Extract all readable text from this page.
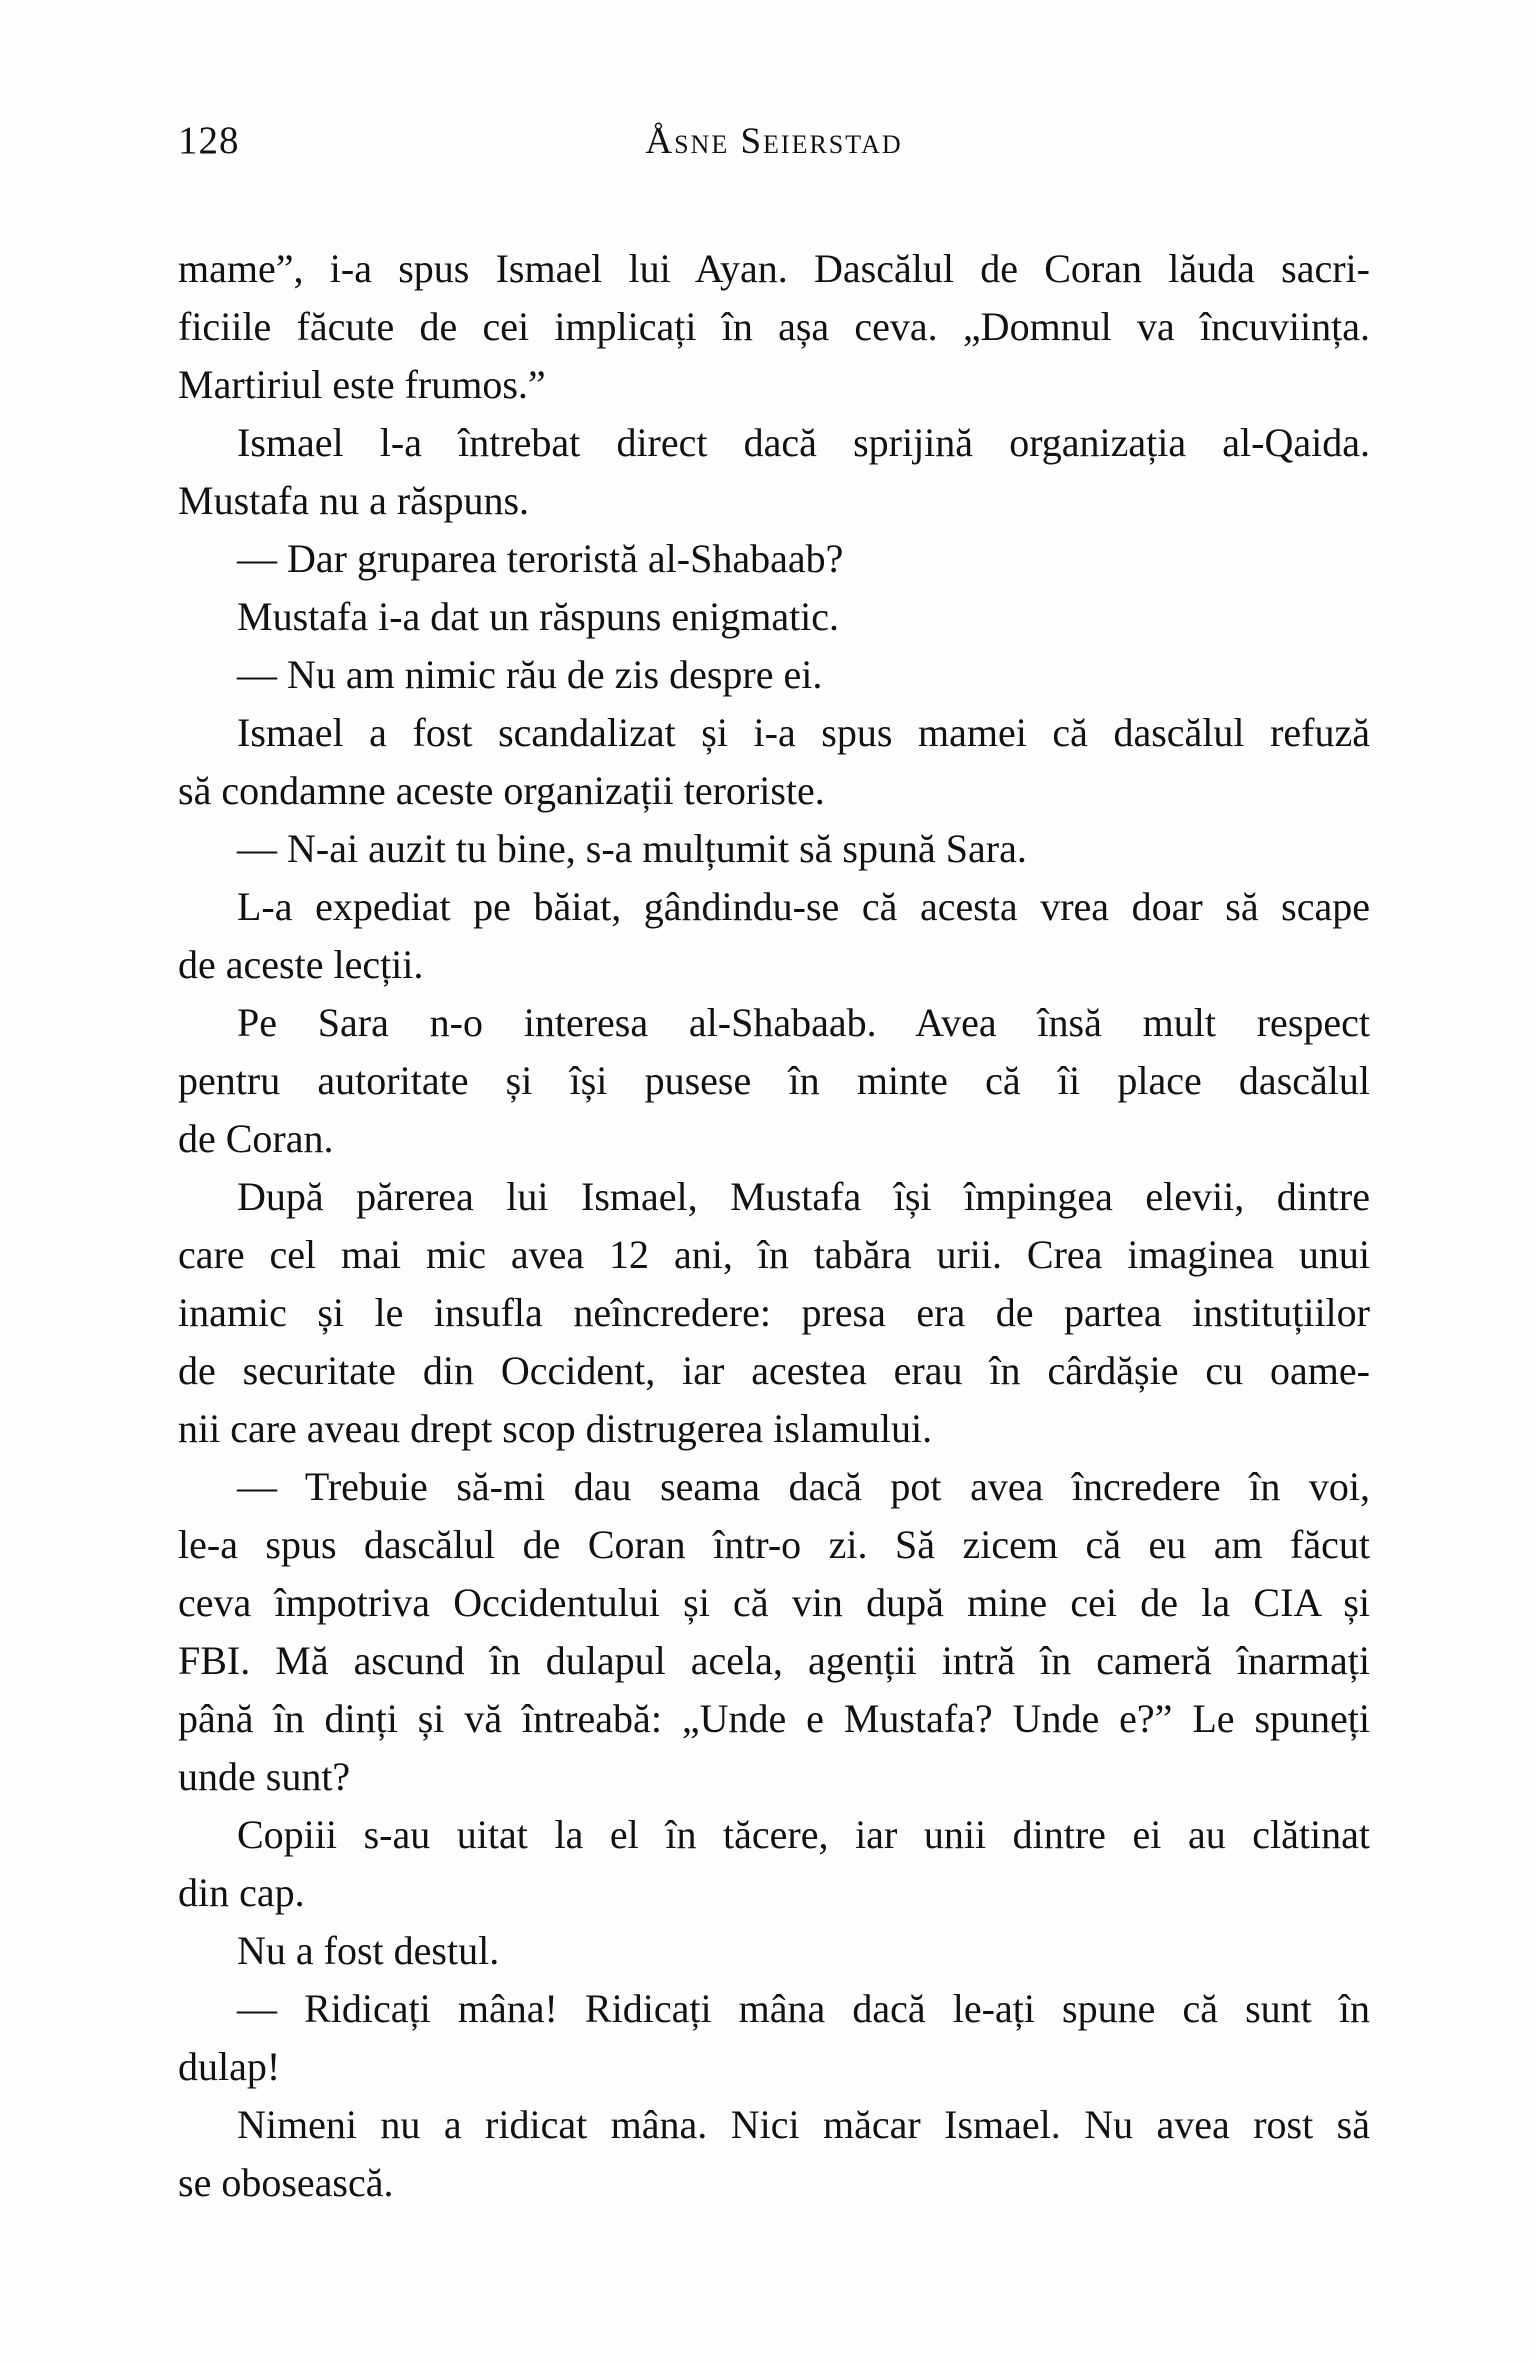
128	Åsne Seierstad
mame”, i-a spus Ismael lui Ayan. Dascălul de Coran lăuda sacri-
ficiile făcute de cei implicați în așa ceva. „Domnul va încuviința.
Martiriul este frumos.”
Ismael l-a întrebat direct dacă sprijină organizația al-Qaida.
Mustafa nu a răspuns.
— Dar gruparea teroristă al-Shabaab?
Mustafa i-a dat un răspuns enigmatic.
— Nu am nimic rău de zis despre ei.
Ismael a fost scandalizat și i-a spus mamei că dascălul refuză
să condamne aceste organizații teroriste.
— N-ai auzit tu bine, s-a mulțumit să spună Sara.
L-a expediat pe băiat, gândindu-se că acesta vrea doar să scape
de aceste lecții.
Pe Sara n-o interesa al-Shabaab. Avea însă mult respect
pentru autoritate și își pusese în minte că îi place dascălul
de Coran.
După părerea lui Ismael, Mustafa își împingea elevii, dintre
care cel mai mic avea 12 ani, în tabăra urii. Crea imaginea unui
inamic și le insufla neîncredere: presa era de partea instituțiilor
de securitate din Occident, iar acestea erau în cârdășie cu oame-
nii care aveau drept scop distrugerea islamului.
— Trebuie să-mi dau seama dacă pot avea încredere în voi,
le-a spus dascălul de Coran într-o zi. Să zicem că eu am făcut
ceva împotriva Occidentului și că vin după mine cei de la CIA și
FBI. Mă ascund în dulapul acela, agenții intră în cameră înarmați
până în dinți și vă întreabă: „Unde e Mustafa? Unde e?” Le spuneți
unde sunt?
Copiii s-au uitat la el în tăcere, iar unii dintre ei au clătinat
din cap.
Nu a fost destul.
— Ridicați mâna! Ridicați mâna dacă le-ați spune că sunt în
dulap!
Nimeni nu a ridicat mâna. Nici măcar Ismael. Nu avea rost să
se obosească.
